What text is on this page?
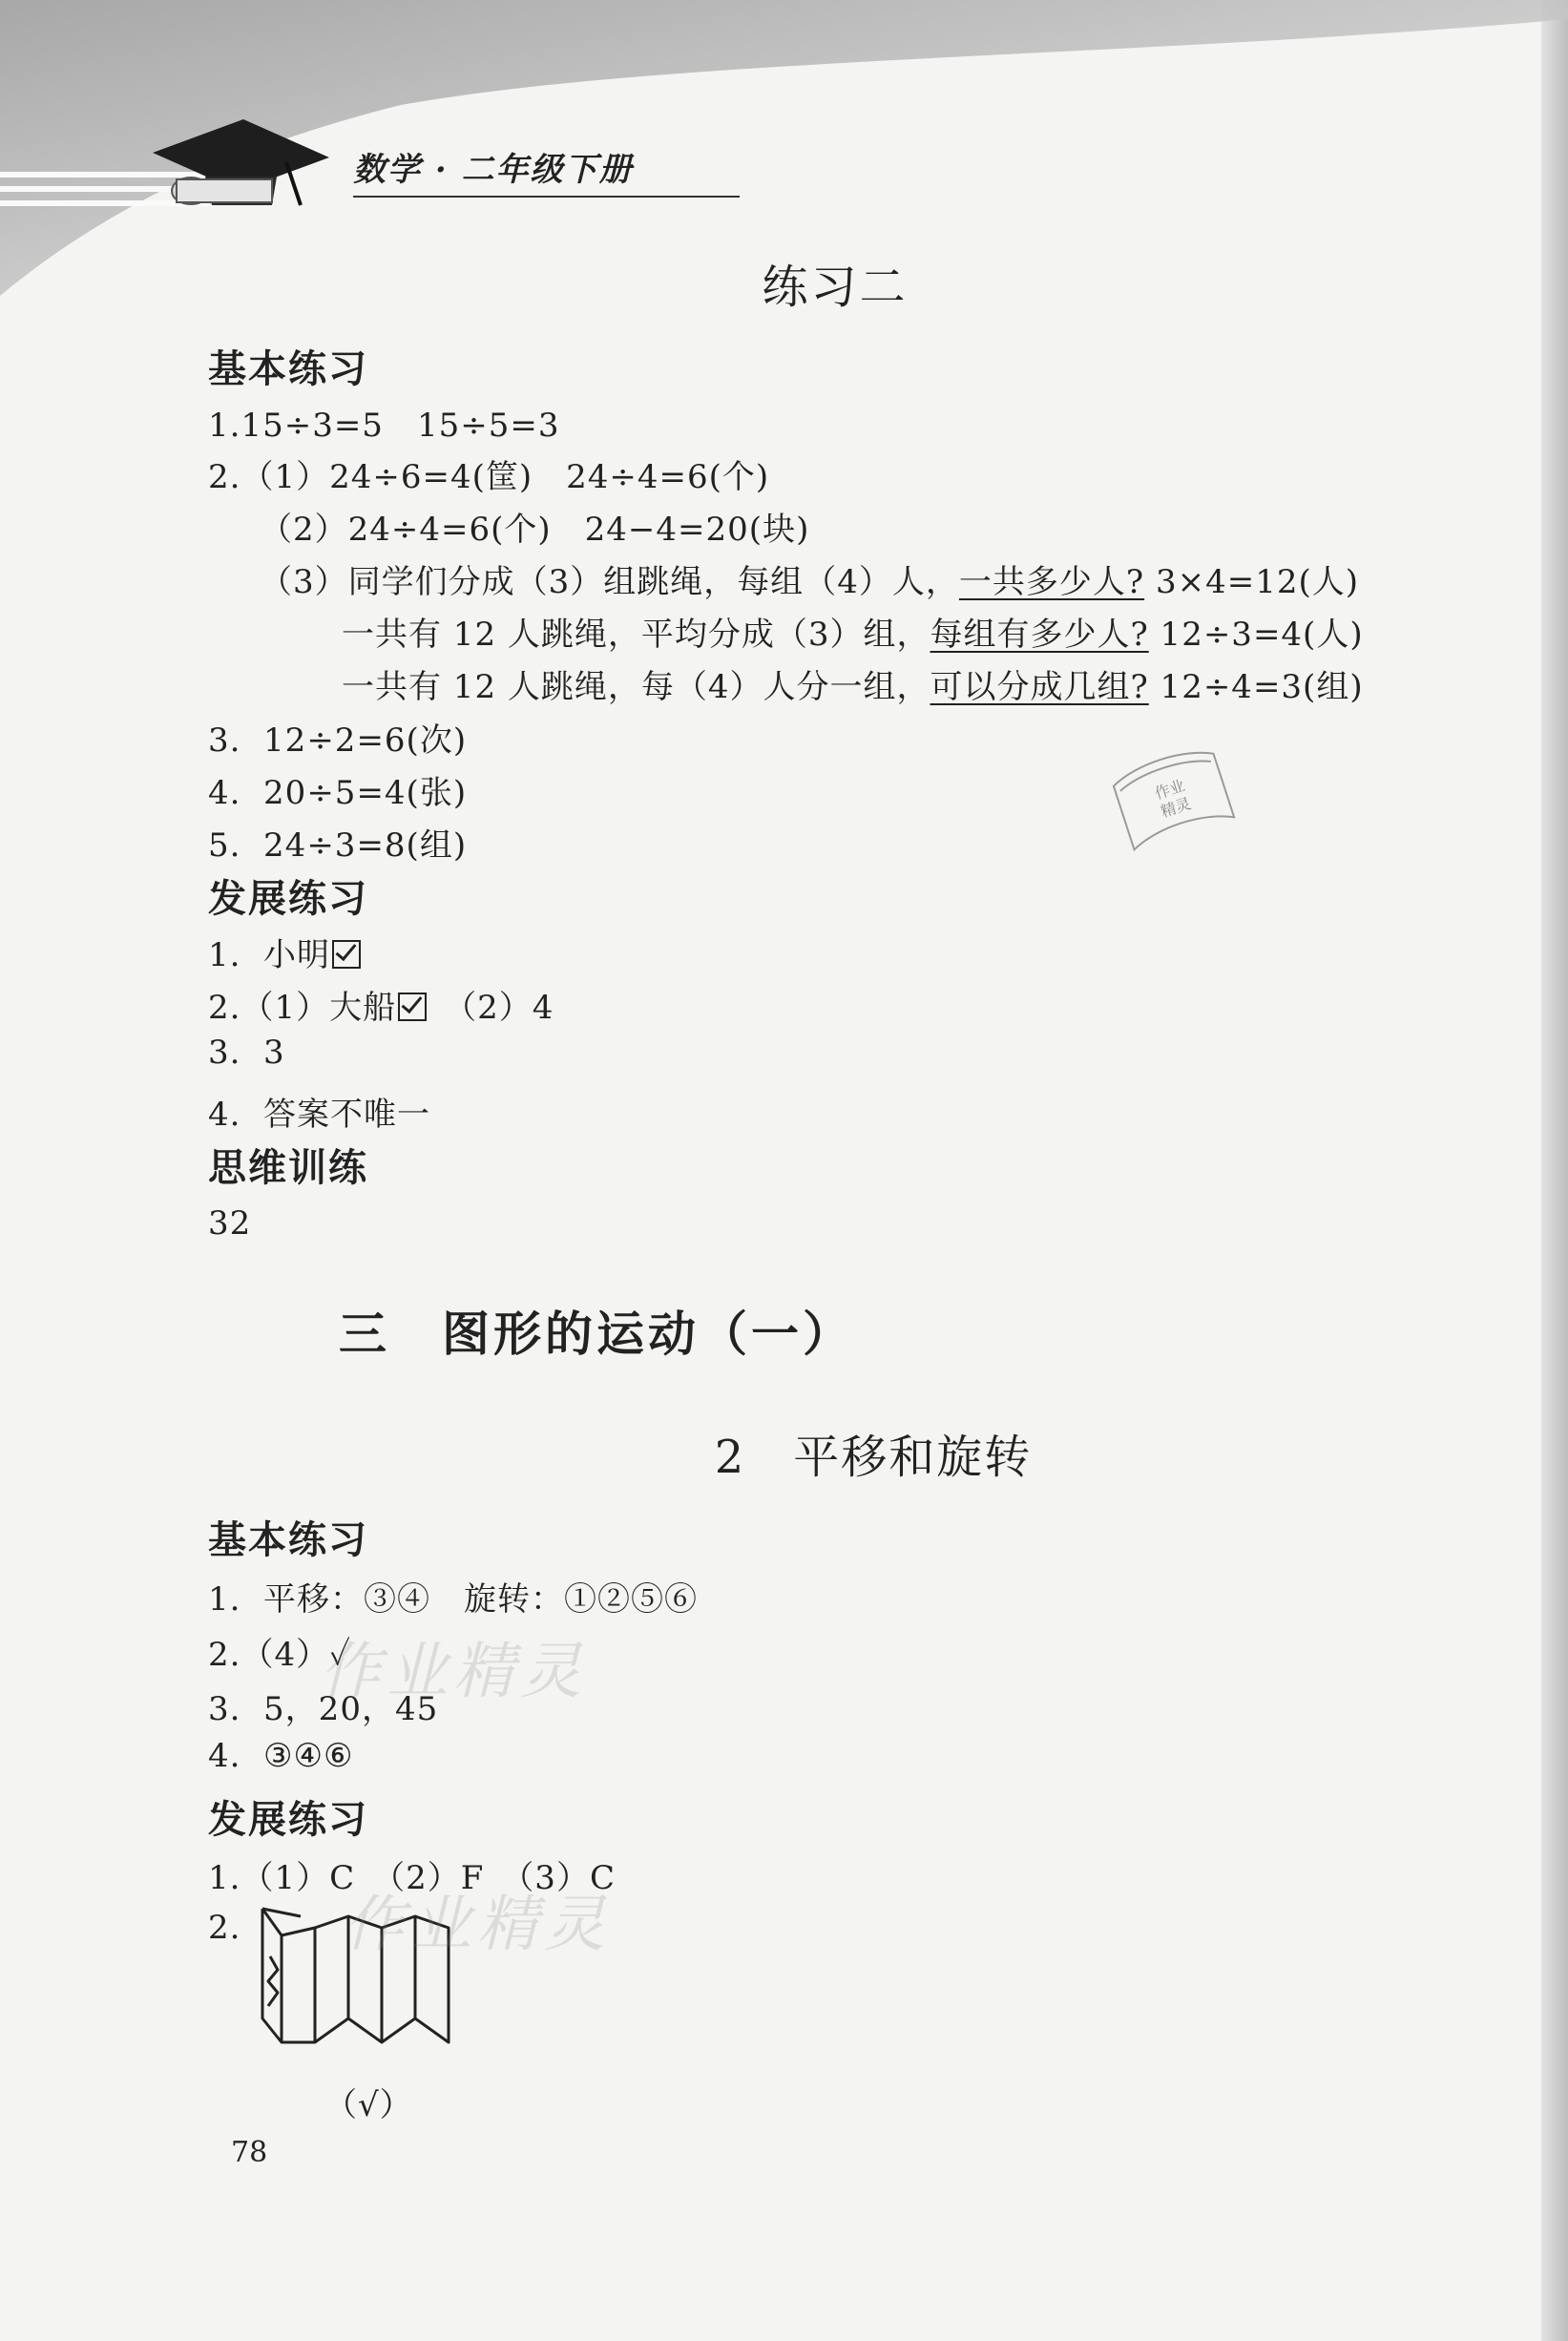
数学 · 二年级下册
练习二
基本练习
1.15÷3=5　15÷5=3
2.（1）24÷6=4(筐)　24÷4=6(个)
（2）24÷4=6(个)　24−4=20(块)
（3）同学们分成（3）组跳绳，每组（4）人，一共多少人? 3×4=12(人)
一共有 12 人跳绳，平均分成（3）组，每组有多少人? 12÷3=4(人)
一共有 12 人跳绳，每（4）人分一组，可以分成几组? 12÷4=3(组)
3.  12÷2=6(次)
4.  20÷5=4(张)
5.  24÷3=8(组)
作业
精灵
发展练习
1.  小明
2.（1）大船　（2）4
3.  3
4.  答案不唯一
思维训练
32
三　图形的运动（一）
2　平移和旋转
基本练习
1.  平移：③④　旋转：①②⑤⑥
2.（4）✓
3.  5，20，45
4.  ③④⑥
作业精灵
发展练习
1.（1）C　（2）F　（3）C
2. 作业精灵
（√）
78
